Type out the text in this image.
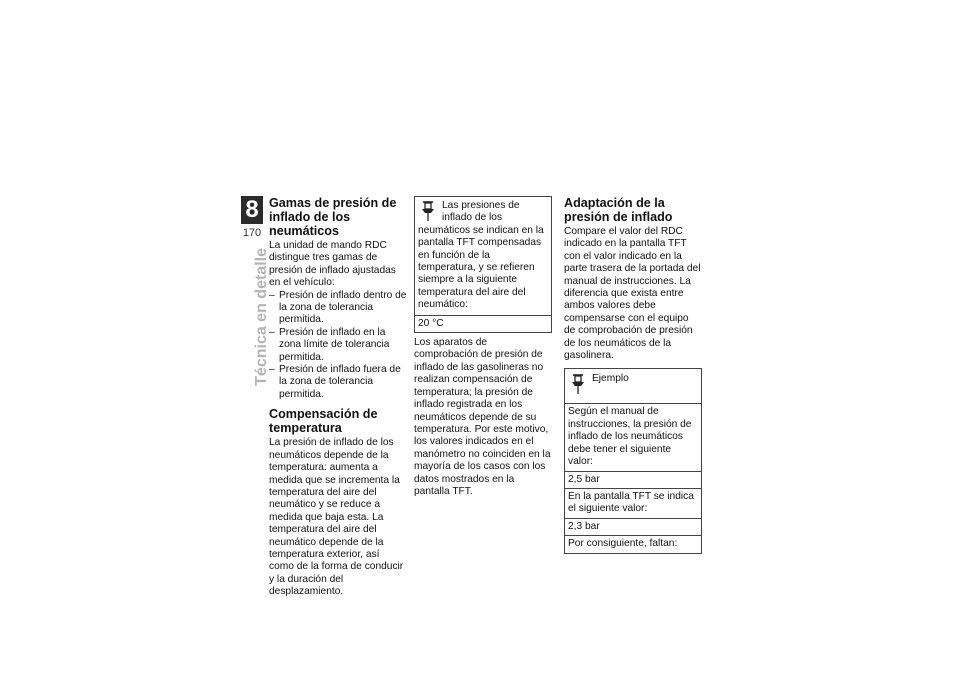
8
170
Técnica en detalle
Gamas de presión de inflado de los neumáticos

La unidad de mando RDC distingue tres gamas de presión de inflado ajustadas en el vehículo:

– Presión de inflado dentro de la zona de tolerancia permitida.
– Presión de inflado en la zona límite de tolerancia permitida.
– Presión de inflado fuera de la zona de tolerancia permitida.
Compensación de temperatura

La presión de inflado de los neumáticos depende de la temperatura: aumenta a medida que se incrementa la temperatura del aire del neumático y se reduce a medida que baja esta. La temperatura del aire del neumático depende de la temperatura exterior, así como de la forma de conducir y la duración del desplazamiento.

Las presiones de inflado de los neumáticos se indican en la pantalla TFT compensadas en función de la temperatura, y se refieren siempre a la siguiente temperatura del aire del neumático:
20 °C

Los aparatos de comprobación de presión de inflado de las gasolineras no realizan compensación de temperatura; la presión de inflado registrada en los neumáticos depende de su temperatura. Por este motivo, los valores indicados en el manómetro no coinciden en la mayoría de los casos con los datos mostrados en la pantalla TFT.

Adaptación de la presión de inflado

Compare el valor del RDC indicado en la pantalla TFT con el valor indicado en la parte trasera de la portada del manual de instrucciones. La diferencia que exista entre ambos valores debe compensarse con el equipo de comprobación de presión de los neumáticos de la gasolinera.

Ejemplo
Según el manual de instrucciones, la presión de inflado de los neumáticos debe tener el siguiente valor:
2,5 bar
En la pantalla TFT se indica el siguiente valor:
2,3 bar
Por consiguiente, faltan:
